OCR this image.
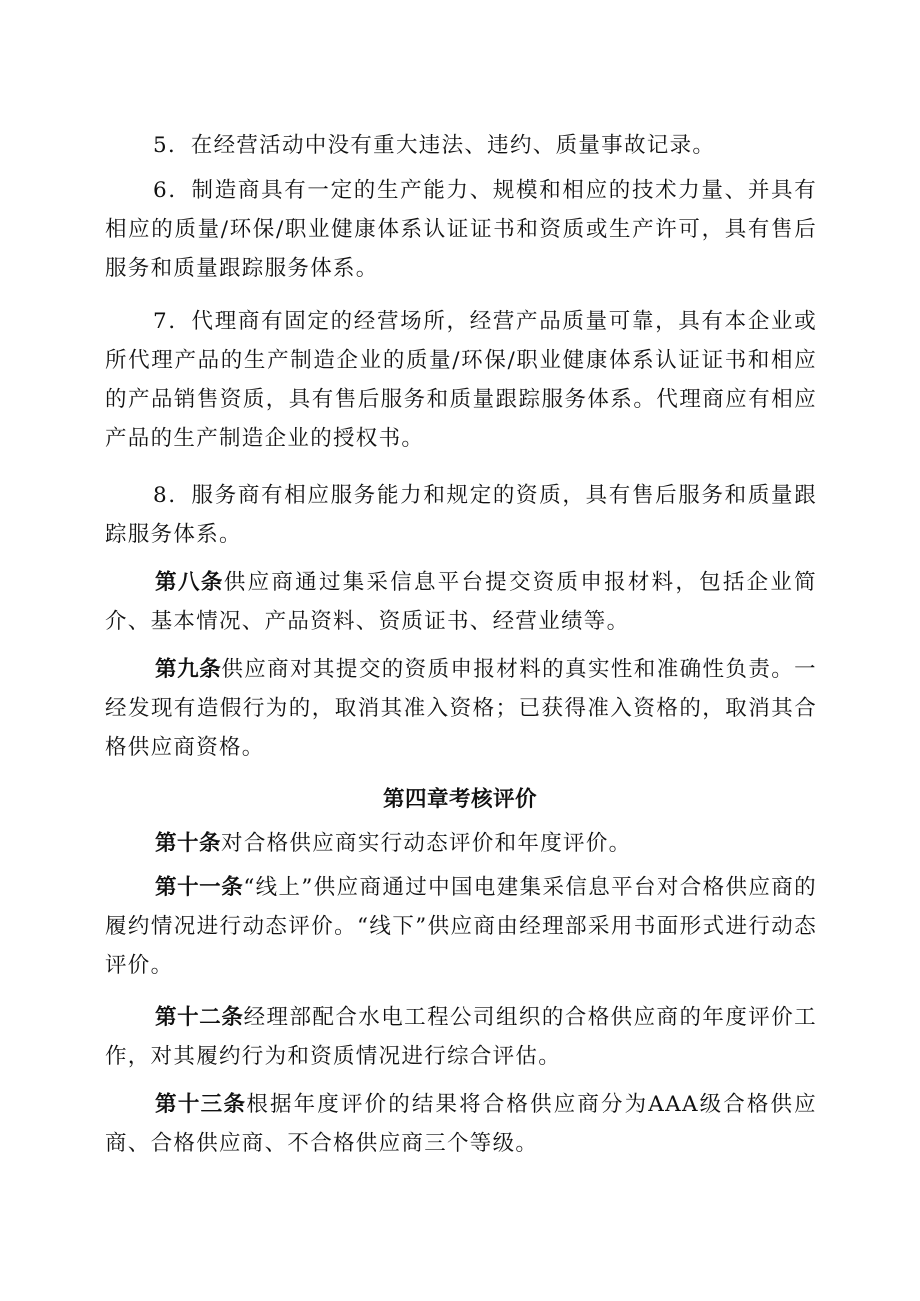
5．在经营活动中没有重大违法、违约、质量事故记录。

6．制造商具有一定的生产能力、规模和相应的技术力量、并具有相应的质量/环保/职业健康体系认证证书和资质或生产许可，具有售后服务和质量跟踪服务体系。

7．代理商有固定的经营场所，经营产品质量可靠，具有本企业或所代理产品的生产制造企业的质量/环保/职业健康体系认证证书和相应的产品销售资质，具有售后服务和质量跟踪服务体系。代理商应有相应产品的生产制造企业的授权书。

8．服务商有相应服务能力和规定的资质，具有售后服务和质量跟踪服务体系。

第八条供应商通过集采信息平台提交资质申报材料，包括企业简介、基本情况、产品资料、资质证书、经营业绩等。

第九条供应商对其提交的资质申报材料的真实性和准确性负责。一经发现有造假行为的，取消其准入资格；已获得准入资格的，取消其合格供应商资格。

第四章考核评价

第十条对合格供应商实行动态评价和年度评价。

第十一条“线上”供应商通过中国电建集采信息平台对合格供应商的履约情况进行动态评价。“线下”供应商由经理部采用书面形式进行动态评价。

第十二条经理部配合水电工程公司组织的合格供应商的年度评价工作，对其履约行为和资质情况进行综合评估。

第十三条根据年度评价的结果将合格供应商分为AAA级合格供应商、合格供应商、不合格供应商三个等级。
